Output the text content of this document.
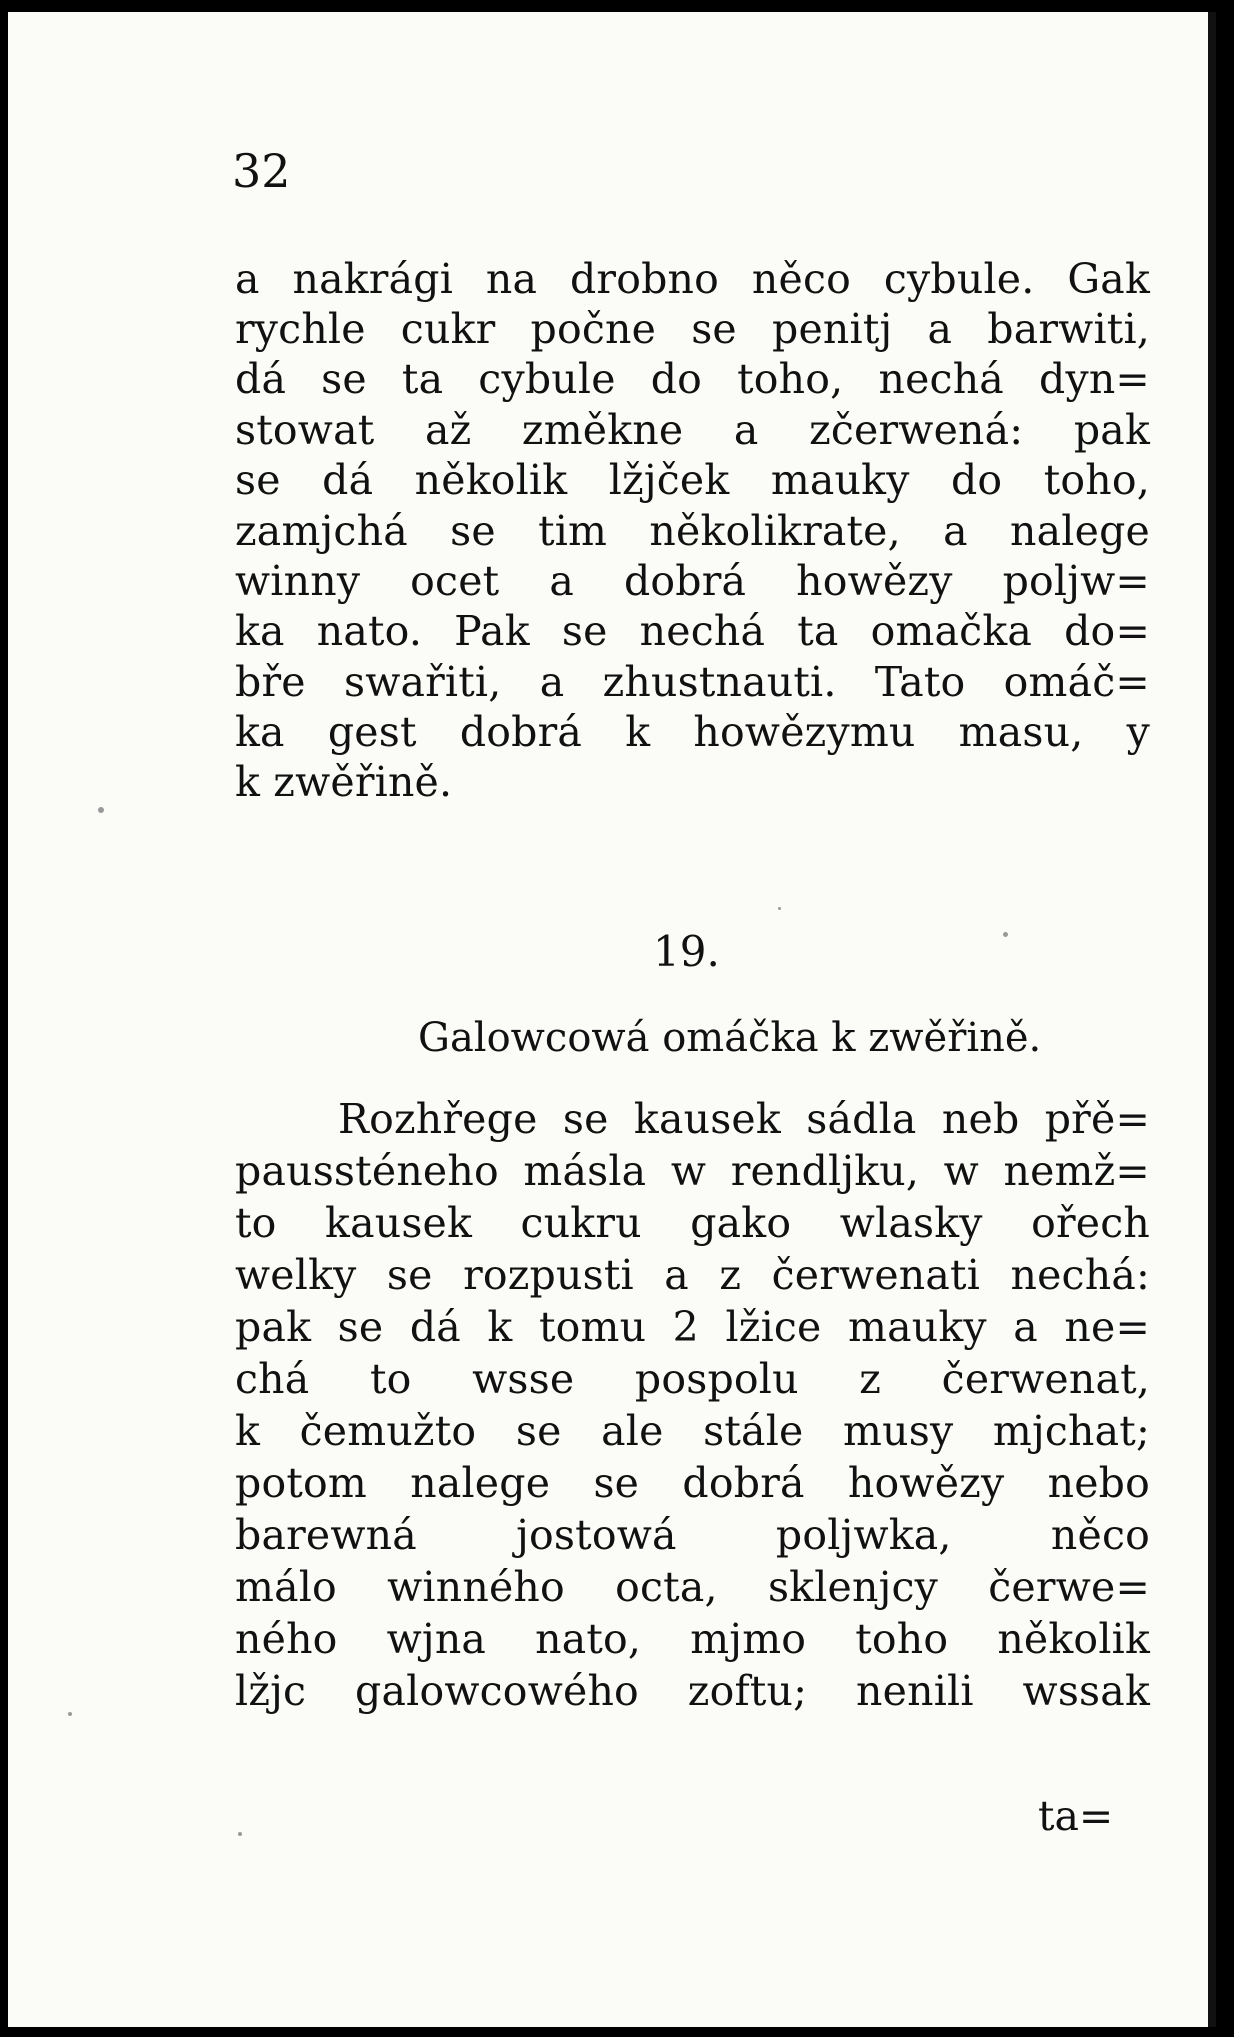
32
a nakrági na drobno něco cybule. Gak
rychle cukr počne se penitj a barwiti,
dá se ta cybule do toho, nechá dyn=
stowat až změkne a zčerwená: pak
se dá několik lžjček mauky do toho,
zamjchá se tim několikrate, a nalege
winny ocet a dobrá howězy poljw=
ka nato. Pak se nechá ta omačka do=
bře swařiti, a zhustnauti. Tato omáč=
ka gest dobrá k howězymu masu, y
k zwěřině.
19.
Galowcowá omáčka k zwěřině.
Rozhřege se kausek sádla neb přě=
paussténeho másla w rendljku, w nemž=
to kausek cukru gako wlasky ořech
welky se rozpusti a z čerwenati nechá:
pak se dá k tomu 2 lžice mauky a ne=
chá to wsse pospolu z čerwenat,
k čemužto se ale stále musy mjchat;
potom nalege se dobrá howězy nebo
barewná jostowá poljwka, něco
málo winného octa, sklenjcy čerwe=
ného wjna nato, mjmo toho několik
lžjc galowcowého zoftu; nenili wssak
ta=
